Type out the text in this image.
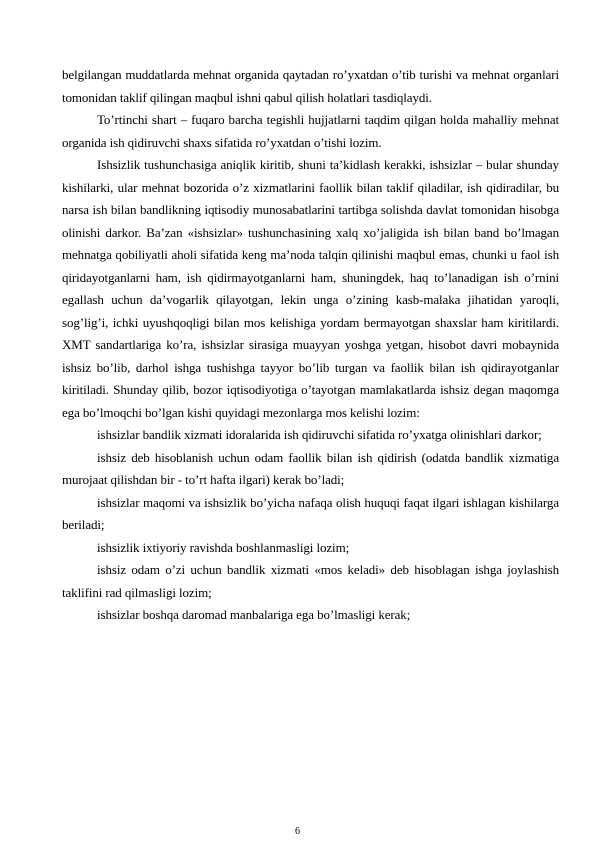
belgilangan muddatlarda mehnat organida qaytadan ro’yxatdan o’tib turishi va mehnat organlari tomonidan taklif qilingan maqbul ishni qabul qilish holatlari tasdiqlaydi.

To’rtinchi shart – fuqaro barcha tegishli hujjatlarni taqdim qilgan holda mahalliy mehnat organida ish qidiruvchi shaxs sifatida ro’yxatdan o’tishi lozim.

Ishsizlik tushunchasiga aniqlik kiritib, shuni ta’kidlash kerakki, ishsizlar – bular shunday kishilarki, ular mehnat bozorida o’z xizmatlarini faollik bilan taklif qiladilar, ish qidiradilar, bu narsa ish bilan bandlikning iqtisodiy munosabatlarini tartibga solishda davlat tomonidan hisobga olinishi darkor. Ba’zan «ishsizlar» tushunchasining xalq xo’jaligida ish bilan band bo’lmagan mehnatga qobiliyatli aholi sifatida keng ma’noda talqin qilinishi maqbul emas, chunki u faol ish qiridayotganlarni ham, ish qidirmayotganlarni ham, shuningdek, haq to’lanadigan ish o’rnini egallash uchun da’vogarlik qilayotgan, lekin unga o’zining kasb-malaka jihatidan yaroqli, sog’lig’i, ichki uyushqoqligi bilan mos kelishiga yordam bermayotgan shaxslar ham kiritilardi. XMT sandartlariga ko’ra, ishsizlar sirasiga muayyan yoshga yetgan, hisobot davri mobaynida ishsiz bo’lib, darhol ishga tushishga tayyor bo’lib turgan va faollik bilan ish qidirayotganlar kiritiladi. Shunday qilib, bozor iqtisodiyotiga o’tayotgan mamlakatlarda ishsiz degan maqomga ega bo’lmoqchi bo’lgan kishi quyidagi mezonlarga mos kelishi lozim:

ishsizlar bandlik xizmati idoralarida ish qidiruvchi sifatida ro’yxatga olinishlari darkor;

ishsiz deb hisoblanish uchun odam faollik bilan ish qidirish (odatda bandlik xizmatiga murojaat qilishdan bir - to’rt hafta ilgari) kerak bo’ladi;

ishsizlar maqomi va ishsizlik bo’yicha nafaqa olish huquqi faqat ilgari ishlagan kishilarga beriladi;

ishsizlik ixtiyoriy ravishda boshlanmasligi lozim;

ishsiz odam o’zi uchun bandlik xizmati «mos keladi» deb hisoblagan ishga joylashish taklifini rad qilmasligi lozim;

ishsizlar boshqa daromad manbalariga ega bo’lmasligi kerak;

6
